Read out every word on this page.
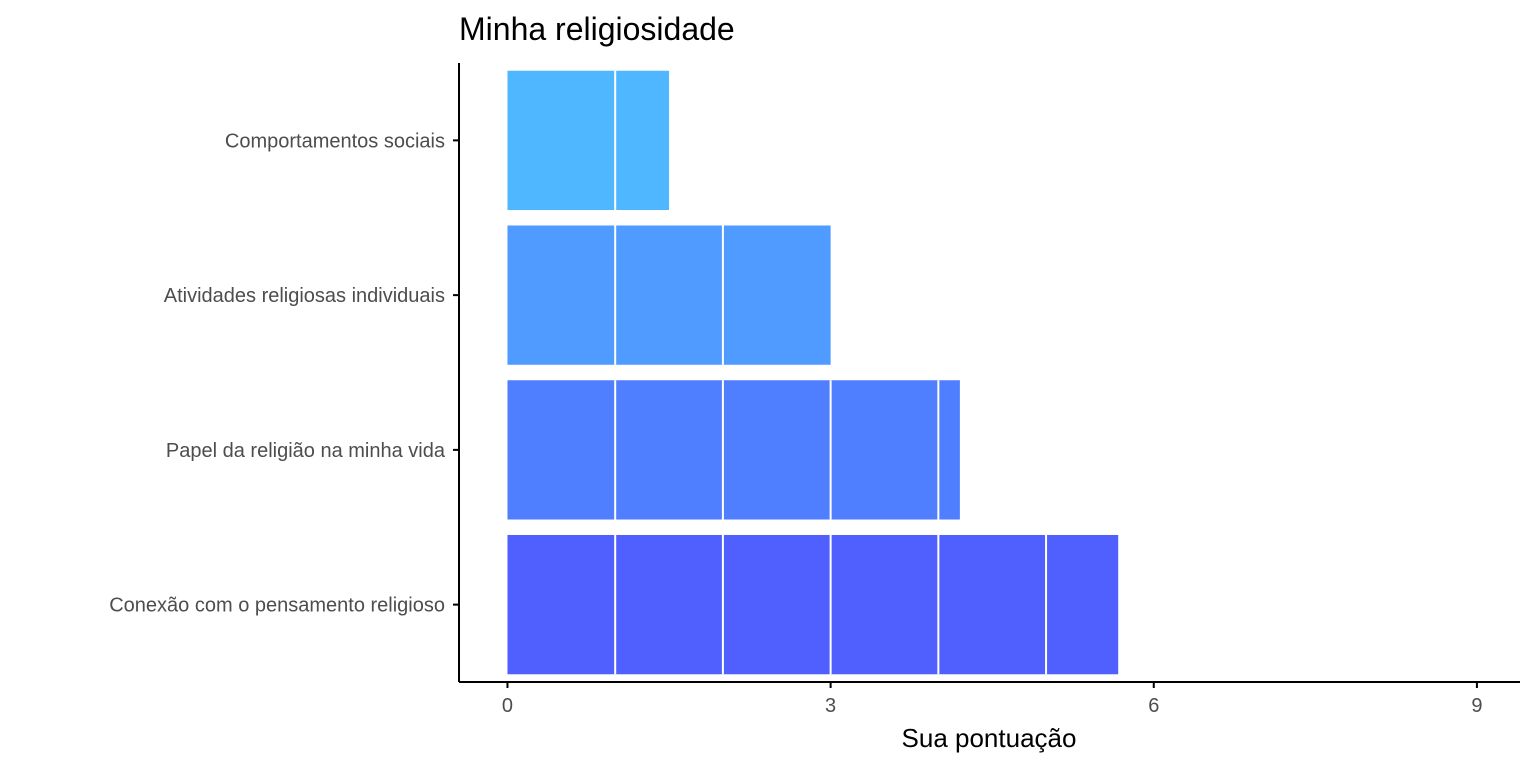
Minha religiosidade
Conexão com o pensamento religioso
Papel da religião na minha vida
Atividades religiosas individuais
Comportamentos sociais
0	3	6	9
Sua pontuação
